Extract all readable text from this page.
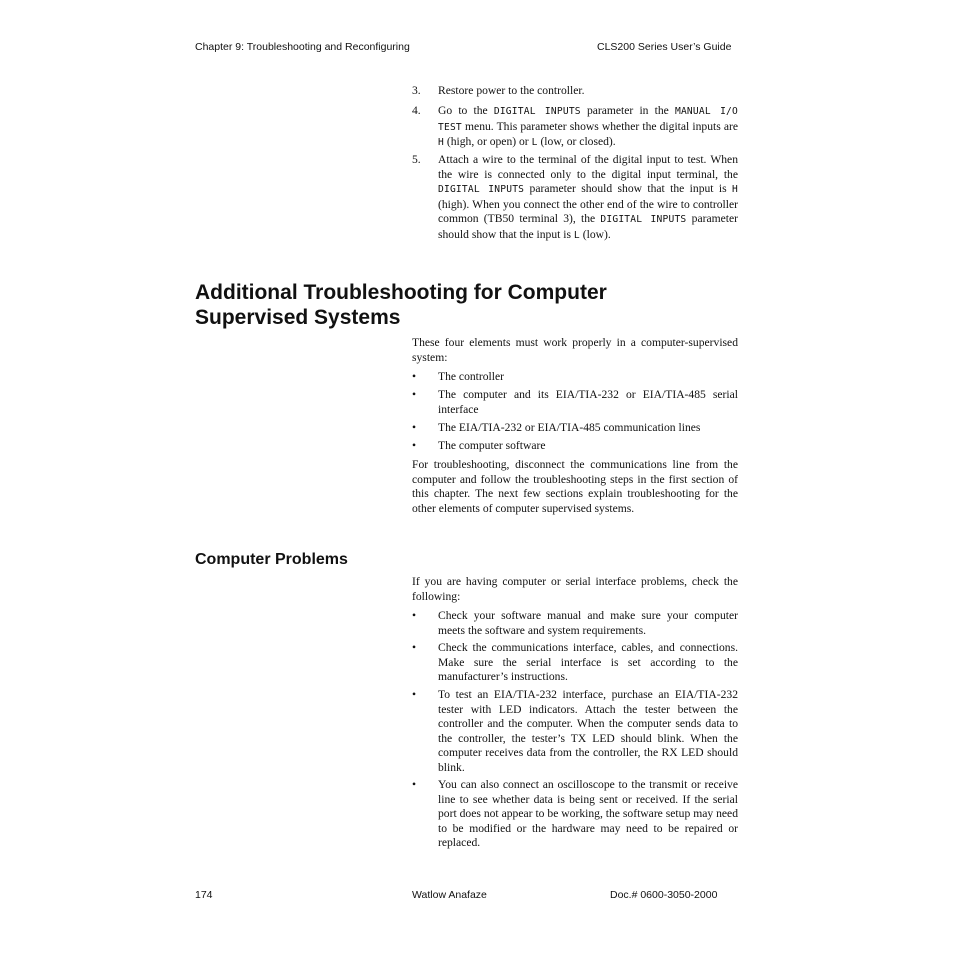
Chapter 9: Troubleshooting and Reconfiguring	CLS200 Series User’s Guide
3.	Restore power to the controller.
4.	Go to the DIGITAL INPUTS parameter in the MANUAL I/O TEST menu. This parameter shows whether the digital inputs are H (high, or open) or L (low, or closed).
5.	Attach a wire to the terminal of the digital input to test. When the wire is connected only to the digital input terminal, the DIGITAL INPUTS parameter should show that the input is H (high). When you connect the other end of the wire to controller common (TB50 terminal 3), the DIGITAL INPUTS parameter should show that the input is L (low).
Additional Troubleshooting for Computer Supervised Systems
These four elements must work properly in a computer-supervised system:
•	The controller
•	The computer and its EIA/TIA-232 or EIA/TIA-485 serial interface
•	The EIA/TIA-232 or EIA/TIA-485 communication lines
•	The computer software
For troubleshooting, disconnect the communications line from the computer and follow the troubleshooting steps in the first section of this chapter. The next few sections explain troubleshooting for the other elements of computer supervised systems.
Computer Problems
If you are having computer or serial interface problems, check the following:
•	Check your software manual and make sure your computer meets the software and system requirements.
•	Check the communications interface, cables, and connections. Make sure the serial interface is set according to the manufacturer’s instructions.
•	To test an EIA/TIA-232 interface, purchase an EIA/TIA-232 tester with LED indicators. Attach the tester between the controller and the computer. When the computer sends data to the controller, the tester’s TX LED should blink. When the computer receives data from the controller, the RX LED should blink.
•	You can also connect an oscilloscope to the transmit or receive line to see whether data is being sent or received. If the serial port does not appear to be working, the software setup may need to be modified or the hardware may need to be repaired or replaced.
174	Watlow Anafaze	Doc.# 0600-3050-2000
